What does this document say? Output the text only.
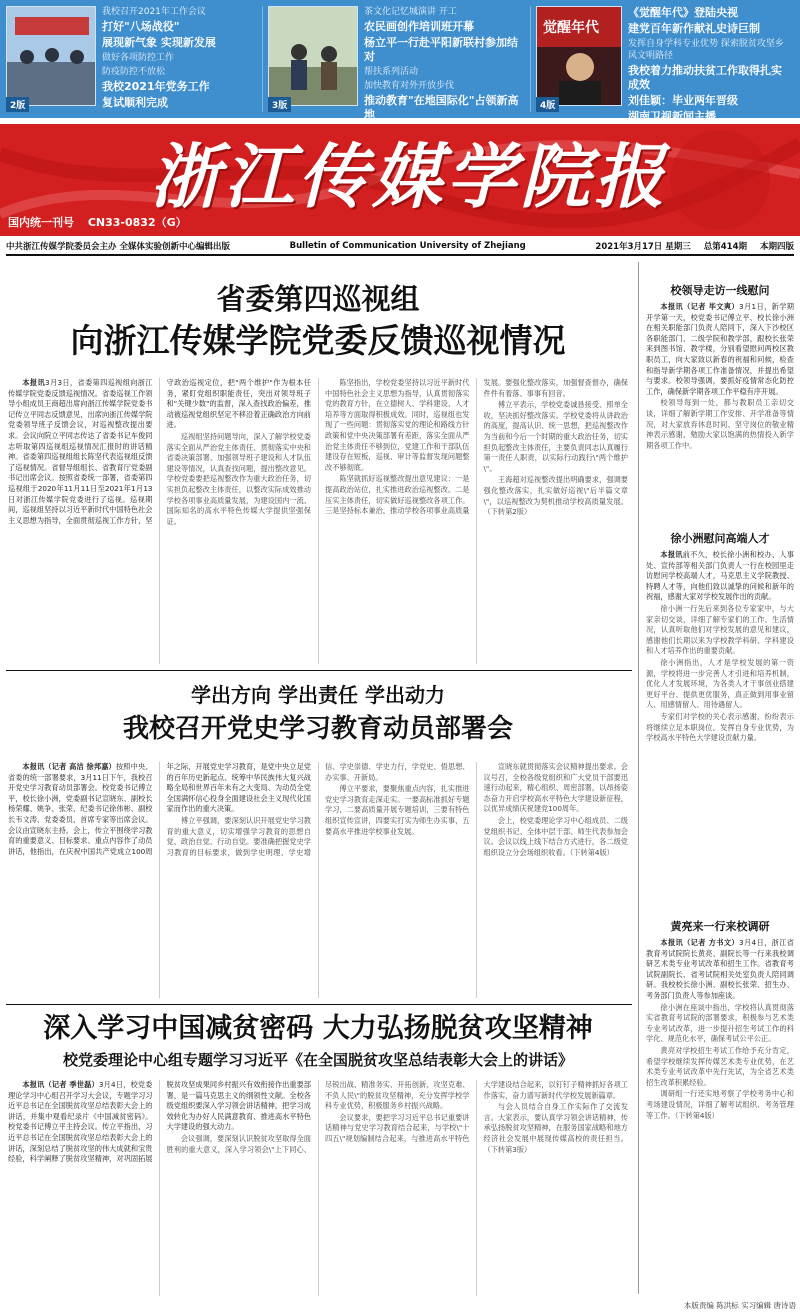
我校召开2021年工作会议

打好"八场战役"

展现新气象 实现新发展

做好各项防控工作

防疫防控不放松

我校2021年党务工作

复试顺利完成

2版

茶文化记忆城演讲 开工

农民画创作培训班开幕

杨立平一行赴平阳新联村参加结对

帮扶系列活动

加快教育对外开放步伐

推动教育"在地国际化"占领新高地

3版
觉醒年代

《觉醒年代》登陆央视

建党百年新作献礼史诗巨制

发挥自身学科专业优势 探索脱贫攻坚乡风文明路径

我校着力推动扶贫工作取得扎实成效

刘佳颖：毕业两年晋级

湖南卫视新闻主播

4版
浙江传媒学院报
国内统一刊号 CN33-0832（G）
中共浙江传媒学院委员会主办 全媒体实验创新中心编辑出版	Bulletin of Communication University of Zhejiang	2021年3月17日 星期三 总第414期 本期四版
省委第四巡视组
向浙江传媒学院党委反馈巡视情况

本报讯3月3日，省委第四巡视组向浙江传媒学院党委反馈巡视情况。省委巡视工作领导小组成员王商超出席向浙江传媒学院党委书记传立平同志反馈意见，出席向浙江传媒学院党委领导班子反馈会议，对巡视整改提出要求。会议向院立平同志传达了省委书记车俊同志听取第四巡视组巡视情况汇报时的讲话精神。省委第四巡视组组长陈坚代表巡视组反馈了巡视情况。省督导组组长、省教育厅党委副书记出席会议。按照省委统一部署，省委第四巡视组于2020年11月11日至2021年1月13日对浙江传媒学院党委进行了巡视。巡视期间，巡视组坚持以习近平新时代中国特色社会主义思想为指导，全面贯彻巡视工作方针，坚守政治巡视定位，把"两个维护"作为根本任务，紧盯党组织职能责任，突出对领导班子和"关键少数"的监督，深入查找政治偏差，推动被巡视党组织坚定不移沿着正确政治方向前进。

巡视组坚持问题导向，深入了解学校党委落实全面从严治党主体责任、贯彻落实中央和省委决策部署、加强领导班子建设和人才队伍建设等情况，认真查找问题，提出整改意见。学校党委要把巡视整改作为重大政治任务，切实担负起整改主体责任，以整改实际成效推动学校各项事业高质量发展，为建设国内一流、国际知名的高水平特色传媒大学提供坚强保证。

陈坚指出，学校党委坚持以习近平新时代中国特色社会主义思想为指导，认真贯彻落实党的教育方针，在立德树人、学科建设、人才培养等方面取得积极成效。同时，巡视组也发现了一些问题：贯彻落实党的理论和路线方针政策和党中央决策部署有差距，落实全面从严治党主体责任不够到位，党建工作和干部队伍建设存在短板，巡视、审计等监督发现问题整改不够彻底。

陈坚就抓好巡视整改提出意见建议：一是提高政治站位，扎实推进政治巡视整改。二是压实主体责任，切实做好巡视整改各项工作。三是坚持标本兼治，推动学校各项事业高质量发展。要强化整改落实，加强督查督办，确保件件有着落、事事有回音。

傅立平表示，学校党委诚恳接受、照单全收，坚决抓好整改落实。学校党委将从讲政治的高度，提高认识、统一思想，把巡视整改作为当前和今后一个时期的重大政治任务，切实担负起整改主体责任，主要负责同志认真履行第一责任人职责，以实际行动践行\"两个维护\"。

王海超对巡视整改提出明确要求，强调要强化整改落实，扎实做好巡视\"后半篇文章\"，以巡视整改为契机推动学校高质量发展。（下转第2版）

学出方向 学出责任 学出动力
我校召开党史学习教育动员部署会

本报讯（记者 高洁 徐邦嘉）按照中央、省委的统一部署要求，3月11日下午，我校召开党史学习教育动员部署会。校党委书记傅立平，校长徐小洲，党委副书记宣晓东、副校长杨荣耀、姚争、张荣、纪委书记徐伟彬、副校长韦文涛、党委委员、首席专家等出席会议。会议由宣晓东主持。会上，传立平围绕学习教育的重要意义、目标要求、重点内容作了动员讲话，他指出，在庆祝中国共产党成立100周年之际，开展党史学习教育，是党中央立足党的百年历史新起点、统筹中华民族伟大复兴战略全局和世界百年未有之大变局、为动员全党全国满怀信心投身全面建设社会主义现代化国家而作出的重大决策。

傅立平强调，要深刻认识开展党史学习教育的重大意义，切实增强学习教育的思想自觉、政治自觉、行动自觉。要准确把握党史学习教育的目标要求，做到学史明理、学史增信、学史崇德、学史力行，学党史、悟思想、办实事、开新局。

傅立平要求，要聚焦重点内容，扎实推进党史学习教育走深走实。一要高标准抓好专题学习，二要高质量开展专题培训，三要有特色组织宣传宣讲，四要实打实为师生办实事，五要高水平推进学校事业发展。

宣晓东就贯彻落实会议精神提出要求。会议号召，全校各级党组织和广大党员干部要迅速行动起来，精心组织、周密部署，以昂扬姿态奋力开启学校高水平特色大学建设新征程，以优异成绩庆祝建党100周年。

会上，校党委理论学习中心组成员、二级党组织书记、全体中层干部、师生代表参加会议。会议以线上线下结合方式进行，各二级党组织设立分会场组织收看。（下转第4版）

深入学习中国减贫密码 大力弘扬脱贫攻坚精神
校党委理论中心组专题学习习近平《在全国脱贫攻坚总结表彰大会上的讲话》

本报讯（记者 季世磊）3月4日，校党委理论学习中心组召开学习大会议，专题学习习近平总书记在全国脱贫攻坚总结表彰大会上的讲话，并集中观看纪录片《中国减贫密码》。校党委书记傅立平主持会议。传立平指出，习近平总书记在全国脱贫攻坚总结表彰大会上的讲话，深刻总结了脱贫攻坚的伟大成就和宝贵经验，科学阐释了脱贫攻坚精神，对巩固拓展脱贫攻坚成果同乡村振兴有效衔接作出重要部署，是一篇马克思主义的纲领性文献。全校各级党组织要深入学习领会讲话精神，把学习成效转化为办好人民满意教育、推进高水平特色大学建设的强大动力。

会议强调，要深刻认识脱贫攻坚取得全面胜利的重大意义，深入学习领会\"上下同心、尽锐出战、精准务实、开拓创新、攻坚克难、不负人民\"的脱贫攻坚精神，充分发挥学校学科专业优势，积极服务乡村振兴战略。

会议要求，要把学习习近平总书记重要讲话精神与党史学习教育结合起来，与学校\"十四五\"规划编制结合起来，与推进高水平特色大学建设结合起来，以钉钉子精神抓好各项工作落实，奋力谱写新时代学校发展新篇章。

与会人员结合自身工作实际作了交流发言。大家表示，要认真学习领会讲话精神，传承弘扬脱贫攻坚精神，在服务国家战略和地方经济社会发展中展现传媒高校的责任担当。（下转第3版）

校领导走访一线慰问

本报讯（记者 毕文爽）3月1日，新学期开学第一天，校党委书记傅立平、校长徐小洲在相关职能部门负责人陪同下，深入下沙校区各职能部门、二级学院和教学部，跟校长张荣来到图书馆、教学楼，分别看望慰问两校区教职员工，向大家致以新春的祝福和问候，检查和指导新学期各项工作准备情况，并提出希望与要求。校领导强调，要抓好疫情常态化防控工作，确保新学期各项工作平稳有序开展。

校领导每到一处，都与教职员工亲切交谈，详细了解新学期工作安排、开学准备等情况，对大家放弃休息时间、坚守岗位的敬业精神表示感谢，勉励大家以饱满的热情投入新学期各项工作中。

徐小洲慰问高端人才

本报讯前不久，校长徐小洲和校办、人事处、宣传部等相关部门负责人一行在校园里走访慰问学校高端人才，马克思主义学院教授、特聘人才等，向他们致以诚挚的问候和新年的祝福，感谢大家对学校发展作出的贡献。

徐小洲一行先后来到各位专家家中，与大家亲切交谈，详细了解专家们的工作、生活情况，认真听取他们对学校发展的意见和建议，感谢他们长期以来为学校教学科研、学科建设和人才培养作出的重要贡献。

徐小洲指出，人才是学校发展的第一资源，学校将进一步完善人才引进和培养机制，优化人才发展环境，为各类人才干事创业搭建更好平台、提供更优服务，真正做到用事业留人、用感情留人、用待遇留人。

专家们对学校的关心表示感谢，纷纷表示将继续立足本职岗位，发挥自身专业优势，为学校高水平特色大学建设贡献力量。

黄亮来一行来校调研

本报讯（记者 方书文）3月4日，浙江省教育考试院院长黄亮、副院长等一行来我校调研艺术类专业考试改革和招生工作。省教育考试院副院长、省考试院相关处室负责人陪同调研。我校校长徐小洲、副校长张荣、招生办、考务部门负责人等参加座谈。

徐小洲在座谈中指出，学校将认真贯彻落实省教育考试院的部署要求，积极参与艺术类专业考试改革，进一步提升招生考试工作的科学化、规范化水平，确保考试公平公正。

黄亮对学校招生考试工作给予充分肯定，希望学校继续发挥传媒艺术类专业优势，在艺术类专业考试改革中先行先试，为全省艺术类招生改革积累经验。

调研组一行还实地考察了学校考务中心和考场建设情况，详细了解考试组织、考务管理等工作。（下转第4版）

本版责编 陈洪标 实习编辑 唐诗语
